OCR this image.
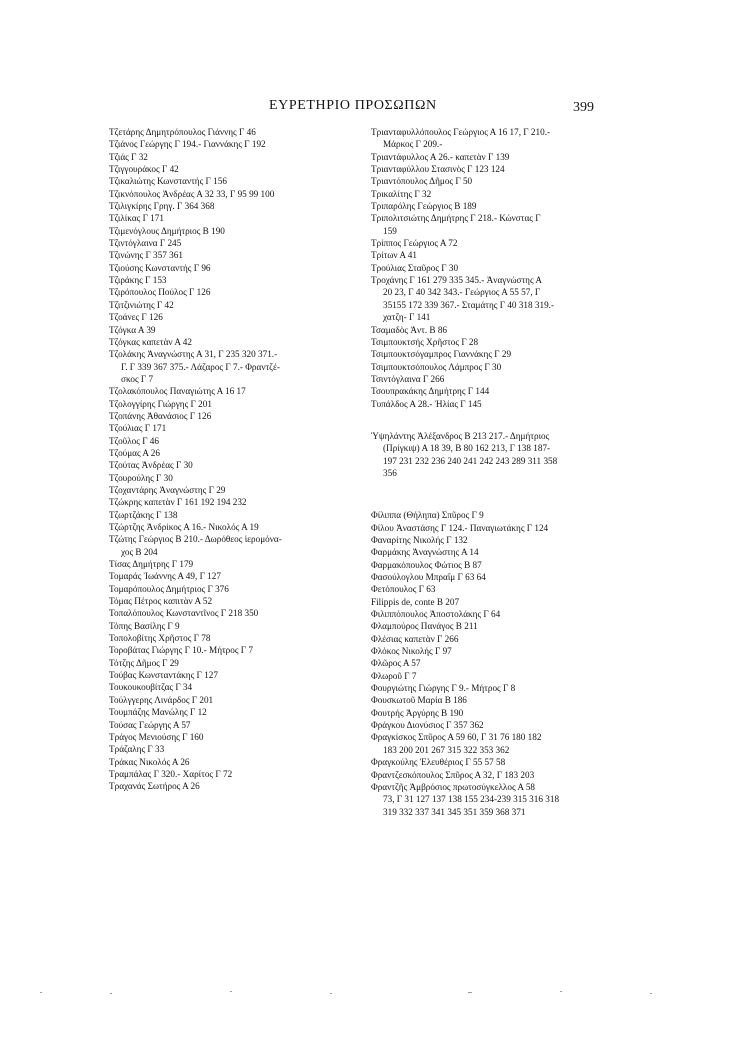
ΕΥΡΕΤΗΡΙΟ ΠΡΟΣΩΠΩΝ	399
Τζετάρης Δημητρόπουλος Γιάννης Γ 46
Τζιάνος Γεώργης Γ 194.- Γιαννάκης Γ 192
Τζιάς Γ 32
Τζιγγουράκος Γ 42
Τζικαλιώτης Κωνσταντής Γ 156
Τζικνόπουλος Ἀνδρέας Α 32 33, Γ 95 99 100
Τζιλιγκίρης Γρηγ. Γ 364 368
Τζιλίκας Γ 171
Τζιμενόγλους Δημήτριος Β 190
Τζιντόγλαινα Γ 245
Τζινώνης Γ 357 361
Τζιούσης Κωνσταντής Γ 96
Τζιράκης Γ 153
Τζιρόπουλος Πούλος Γ 126
Τζιτζινιώτης Γ 42
Τζοάνες Γ 126
Τζόγκα Α 39
Τζόγκας καπετὰν Α 42
Τζολάκης Ἀναγνώστης Α 31, Γ 235 320 371.-
Γ. Γ 339 367 375.- Λάζαρος Γ 7.- Φραντζέ-
σκος Γ 7
Τζολακόπουλος Παναγιώτης Α 16 17
Τζολογγίρης Γιώργης Γ 201
Τζοπάνης Ἀθανάσιος Γ 126
Τζούλιας Γ 171
Τζοῦλος Γ 46
Τζούμας Α 26
Τζούτας Ἀνδρέας Γ 30
Τζουρούλης Γ 30
Τζοχαντάρης Ἀναγνώστης Γ 29
Τζώκρης καπετὰν Γ 161 192 194 232
Τζωρτζάκης Γ 138
Τζώρτζης Ἀνδρίκος Α 16.- Νικολός Α 19
Τζώτης Γεώργιος Β 210.- Δωρόθεος ἱερομόνα-
χος Β 204
Τίσας Δημήτρης Γ 179
Τομαράς Ἰωάννης Α 49, Γ 127
Τομαρόπουλος Δημήτριος Γ 376
Τόμας Πέτρος καπιτὰν Α 52
Τοπαλόπουλος Κωνσταντῖνος Γ 218 350
Τόπης Βασίλης Γ 9
Τοπολοβίτης Χρῆστος Γ 78
Τοροβάτας Γιώργης Γ 10.- Μήτρος Γ 7
Τότζης Δῆμος Γ 29
Τούβας Κωνσταντάκης Γ 127
Τουκουκουβίτζας Γ 34
Τούλγγερης Λινάρδος Γ 201
Τουμπάζης Μανώλης Γ 12
Τούσας Γεώργης Α 57
Τράγος Μενιούσης Γ 160
Τράζαλης Γ 33
Τράκας Νικολός Α 26
Τραμπάλας Γ 320.- Χαρίτος Γ 72
Τραχανάς Σωτήρος Α 26
Τριανταφυλλόπουλος Γεώργιος Α 16 17, Γ 210.-
Μάρκος Γ 209.-
Τριαντάφυλλος Α 26.- καπετὰν Γ 139
Τριανταφύλλου Στασινὸς Γ 123 124
Τριαντόπουλος Δῆμος Γ 50
Τρικαλίτης Γ 32
Τριπαρόλης Γεώργιος Β 189
Τριπολιτσιώτης Δημήτρης Γ 218.- Κώνστας Γ
159
Τρίππος Γεώργιος Α 72
Τρίτων Α 41
Τρούλιας Σταῦρος Γ 30
Τροχάνης Γ 161 279 335 345.- Ἀναγνώστης Α
20 23, Γ 40 342 343.- Γεώργιος Α 55 57, Γ
35155 172 339 367.- Σταμάτης Γ 40 318 319.-
χατζη- Γ 141
Τσαμαδὸς Ἀντ. Β 86
Τσιμπουκτσής Χρῆστος Γ 28
Τσιμπουκτσόγαμπρος Γιαννάκης Γ 29
Τσιμπουκτσόπουλος Λάμπρος Γ 30
Τσιντόγλαινα Γ 266
Τσουπρακάκης Δημήτρης Γ 144
Τυπάλδος Α 28.- Ἠλίας Γ 145
Ὑψηλάντης Ἀλέξανδρος Β 213 217.- Δημήτριος
(Πρίγκιψ) Α 18 39, Β 80 162 213, Γ 138 187-
197 231 232 236 240 241 242 243 289 311 358
356
Φίλιππα (Θήληπα) Σπῦρος Γ 9
Φίλου Ἀναστάσης Γ 124.- Παναγιωτάκης Γ 124
Φαναρίτης Νικολής Γ 132
Φαρμάκης Ἀναγνώστης Α 14
Φαρμακόπουλος Φώτιος Β 87
Φασούλογλου Μπραΐμ Γ 63 64
Φετόπουλος Γ 63
Filippis de, conte Β 207
Φιλιππόπουλος Ἀποστολάκης Γ 64
Φλαμπούρος Πανάγος Β 211
Φλέσιας καπετὰν Γ 266
Φλόκος Νικολής Γ 97
Φλῶρος Α 57
Φλωροῦ Γ 7
Φουργιώτης Γιώργης Γ 9.- Μήτρος Γ 8
Φουσκωτοῦ Μαρία Β 186
Φουτρής Ἀργύρης Β 190
Φράγκου Διονύσιος Γ 357 362
Φραγκίσκος Σπῦρος Α 59 60, Γ 31 76 180 182
183 200 201 267 315 322 353 362
Φραγκούλης Ἐλευθέριος Γ 55 57 58
Φραντζεσκόπουλος Σπῦρος Α 32, Γ 183 203
Φραντζῆς Ἀμβρόσιος πρωτοσύγκελλος Α 58
73, Γ 31 127 137 138 155 234-239 315 316 318
319 332 337 341 345 351 359 368 371
